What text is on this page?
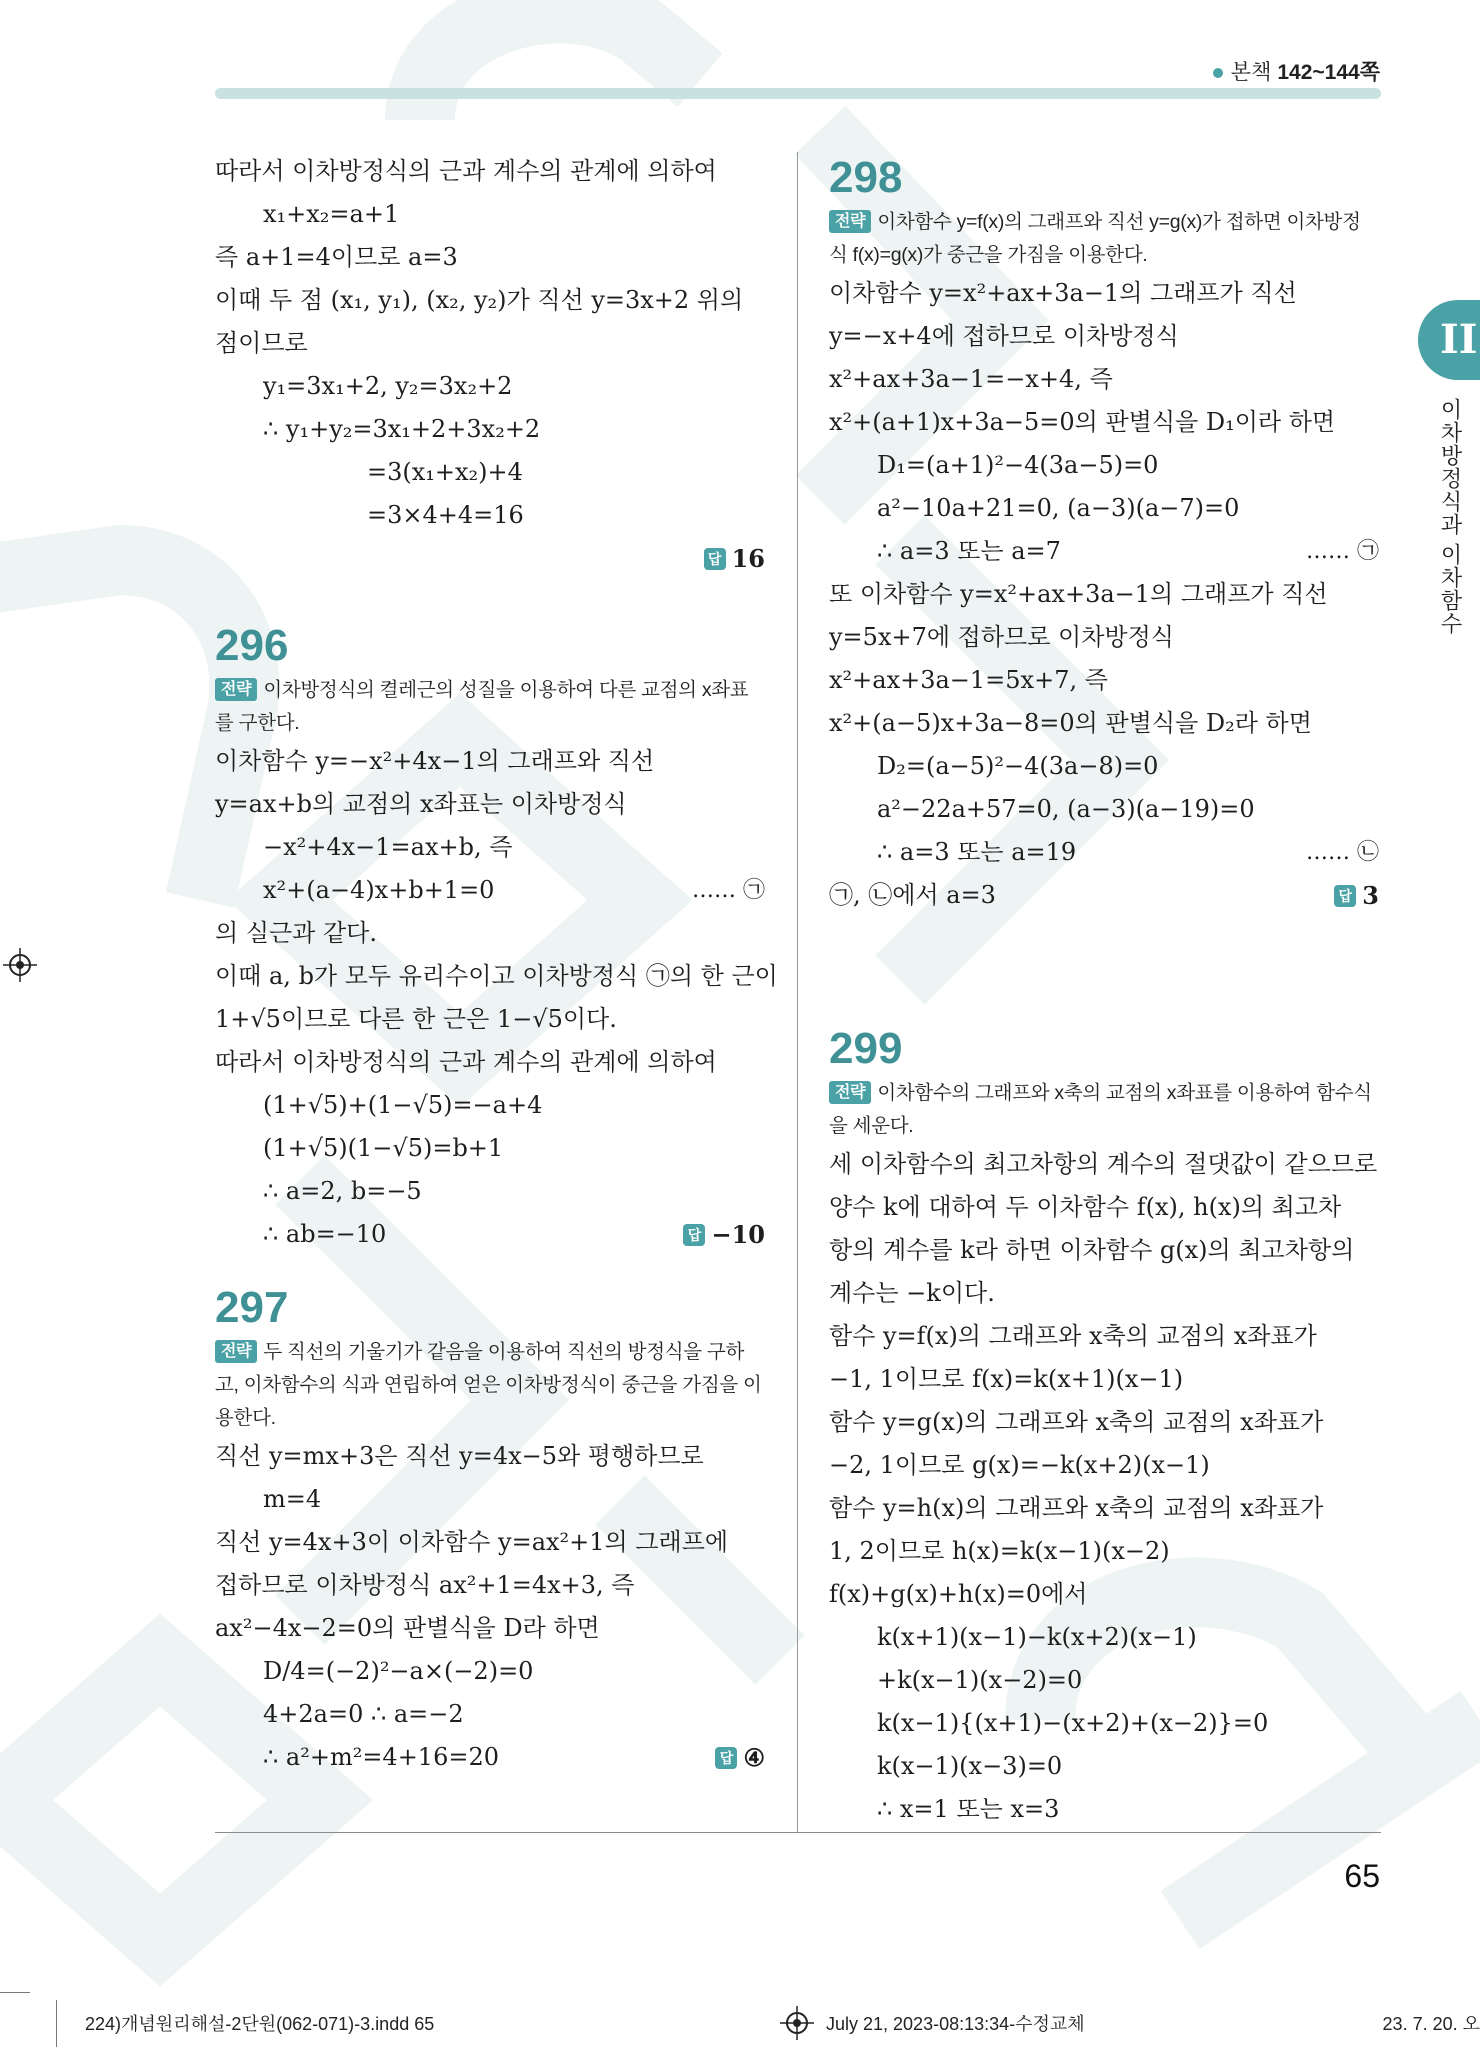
본책 142~144쪽
II
이차방정식과 이차함수
따라서 이차방정식의 근과 계수의 관계에 의하여
x₁+x₂=a+1
즉 a+1=4이므로 a=3
이때 두 점 (x₁, y₁), (x₂, y₂)가 직선 y=3x+2 위의
점이므로
y₁=3x₁+2, y₂=3x₂+2
∴ y₁+y₂=3x₁+2+3x₂+2
=3(x₁+x₂)+4
=3×4+4=16

답 16
296
전략 이차방정식의 켤레근의 성질을 이용하여 다른 교점의 x좌표를 구한다.
이차함수 y=−x²+4x−1의 그래프와 직선
y=ax+b의 교점의 x좌표는 이차방정식
−x²+4x−1=ax+b, 즉
x²+(a−4)x+b+1=0	…… ㉠
의 실근과 같다.
이때 a, b가 모두 유리수이고 이차방정식 ㉠의 한 근이
1+√5이므로 다른 한 근은 1−√5이다.
따라서 이차방정식의 근과 계수의 관계에 의하여
(1+√5)+(1−√5)=−a+4
(1+√5)(1−√5)=b+1
∴ a=2, b=−5
∴ ab=−10	답 −10
297
전략 두 직선의 기울기가 같음을 이용하여 직선의 방정식을 구하고, 이차함수의 식과 연립하여 얻은 이차방정식이 중근을 가짐을 이용한다.
직선 y=mx+3은 직선 y=4x−5와 평행하므로
m=4
직선 y=4x+3이 이차함수 y=ax²+1의 그래프에
접하므로 이차방정식 ax²+1=4x+3, 즉
ax²−4x−2=0의 판별식을 D라 하면
D/4=(−2)²−a×(−2)=0
4+2a=0 ∴ a=−2
∴ a²+m²=4+16=20	답 ④
298
전략 이차함수 y=f(x)의 그래프와 직선 y=g(x)가 접하면 이차방정식 f(x)=g(x)가 중근을 가짐을 이용한다.
이차함수 y=x²+ax+3a−1의 그래프가 직선
y=−x+4에 접하므로 이차방정식
x²+ax+3a−1=−x+4, 즉
x²+(a+1)x+3a−5=0의 판별식을 D₁이라 하면
D₁=(a+1)²−4(3a−5)=0
a²−10a+21=0, (a−3)(a−7)=0
∴ a=3 또는 a=7	…… ㉠
또 이차함수 y=x²+ax+3a−1의 그래프가 직선
y=5x+7에 접하므로 이차방정식
x²+ax+3a−1=5x+7, 즉
x²+(a−5)x+3a−8=0의 판별식을 D₂라 하면
D₂=(a−5)²−4(3a−8)=0
a²−22a+57=0, (a−3)(a−19)=0
∴ a=3 또는 a=19	…… ㉡
㉠, ㉡에서 a=3	답 3
299
전략 이차함수의 그래프와 x축의 교점의 x좌표를 이용하여 함수식을 세운다.
세 이차함수의 최고차항의 계수의 절댓값이 같으므로
양수 k에 대하여 두 이차함수 f(x), h(x)의 최고차
항의 계수를 k라 하면 이차함수 g(x)의 최고차항의
계수는 −k이다.
함수 y=f(x)의 그래프와 x축의 교점의 x좌표가
−1, 1이므로 f(x)=k(x+1)(x−1)
함수 y=g(x)의 그래프와 x축의 교점의 x좌표가
−2, 1이므로 g(x)=−k(x+2)(x−1)
함수 y=h(x)의 그래프와 x축의 교점의 x좌표가
1, 2이므로 h(x)=k(x−1)(x−2)
f(x)+g(x)+h(x)=0에서
k(x+1)(x−1)−k(x+2)(x−1)
+k(x−1)(x−2)=0
k(x−1){(x+1)−(x+2)+(x−2)}=0
k(x−1)(x−3)=0
∴ x=1 또는 x=3
65
224)개념원리해설-2단원(062-071)-3.indd 65	July 21, 2023-08:13:34-수정교체	23. 7. 20. 오
